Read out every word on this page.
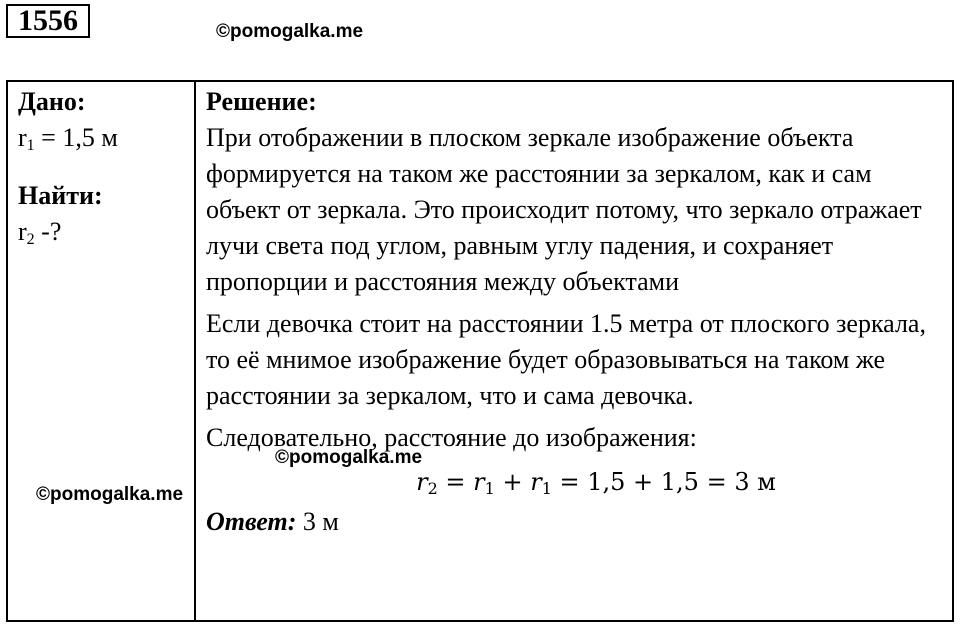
1556	©pomogalka.me
Дано:
$r_1 = 1,5$ м
Найти:
$r_2$ -?
Решение:

При отображении в плоском зеркале изображение объекта формируется на таком же расстоянии за зеркалом, как и сам объект от зеркала. Это происходит потому, что зеркало отражает лучи света под углом, равным углу падения, и сохраняет пропорции и расстояния между объектами

Если девочка стоит на расстоянии 1.5 метра от плоского зеркала, то её мнимое изображение будет образовываться на таком же расстоянии за зеркалом, что и сама девочка.

Следовательно, расстояние до изображения:

$r_2 = r_1 + r_1 = 1,5 + 1,5 = 3$ м
Ответ: 3 м
©pomogalka.me
©pomogalka.me
